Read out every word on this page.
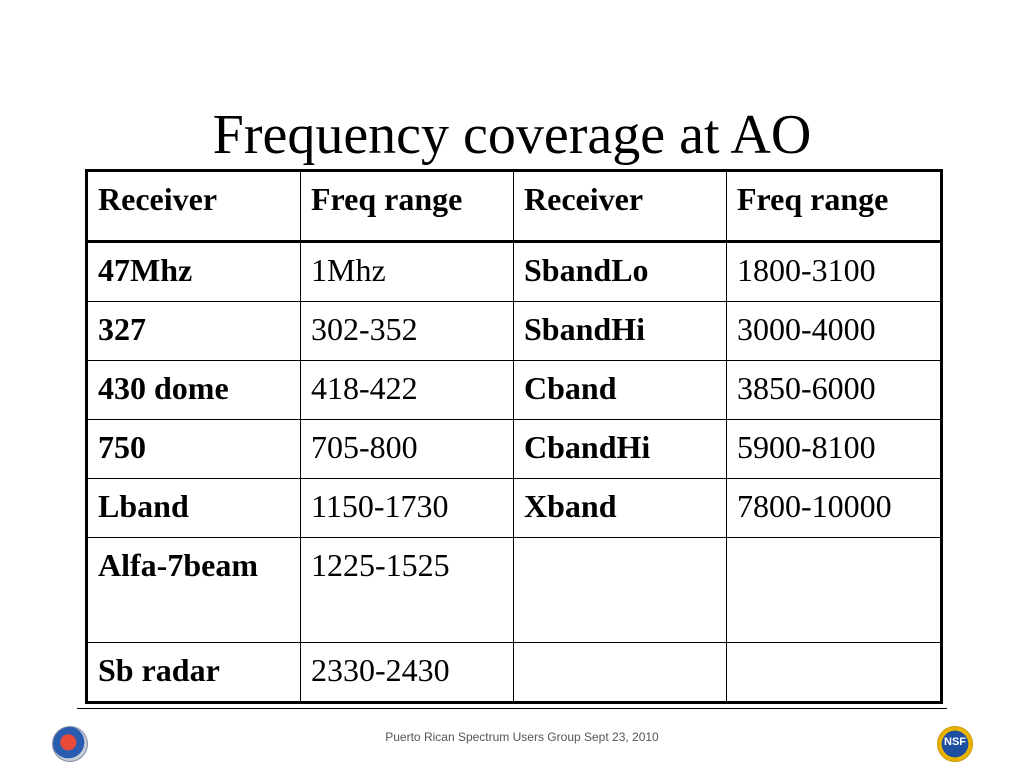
Frequency coverage at AO
Receiver	Freq range	Receiver	Freq range
47Mhz	1Mhz	SbandLo	1800-3100
327	302-352	SbandHi	3000-4000
430 dome	418-422	Cband	3850-6000
750	705-800	CbandHi	5900-8100
Lband	1150-1730	Xband	7800-10000
Alfa-7beam	1225-1525		
Sb radar	2330-2430		
Puerto Rican Spectrum Users Group Sept 23, 2010	NSF
